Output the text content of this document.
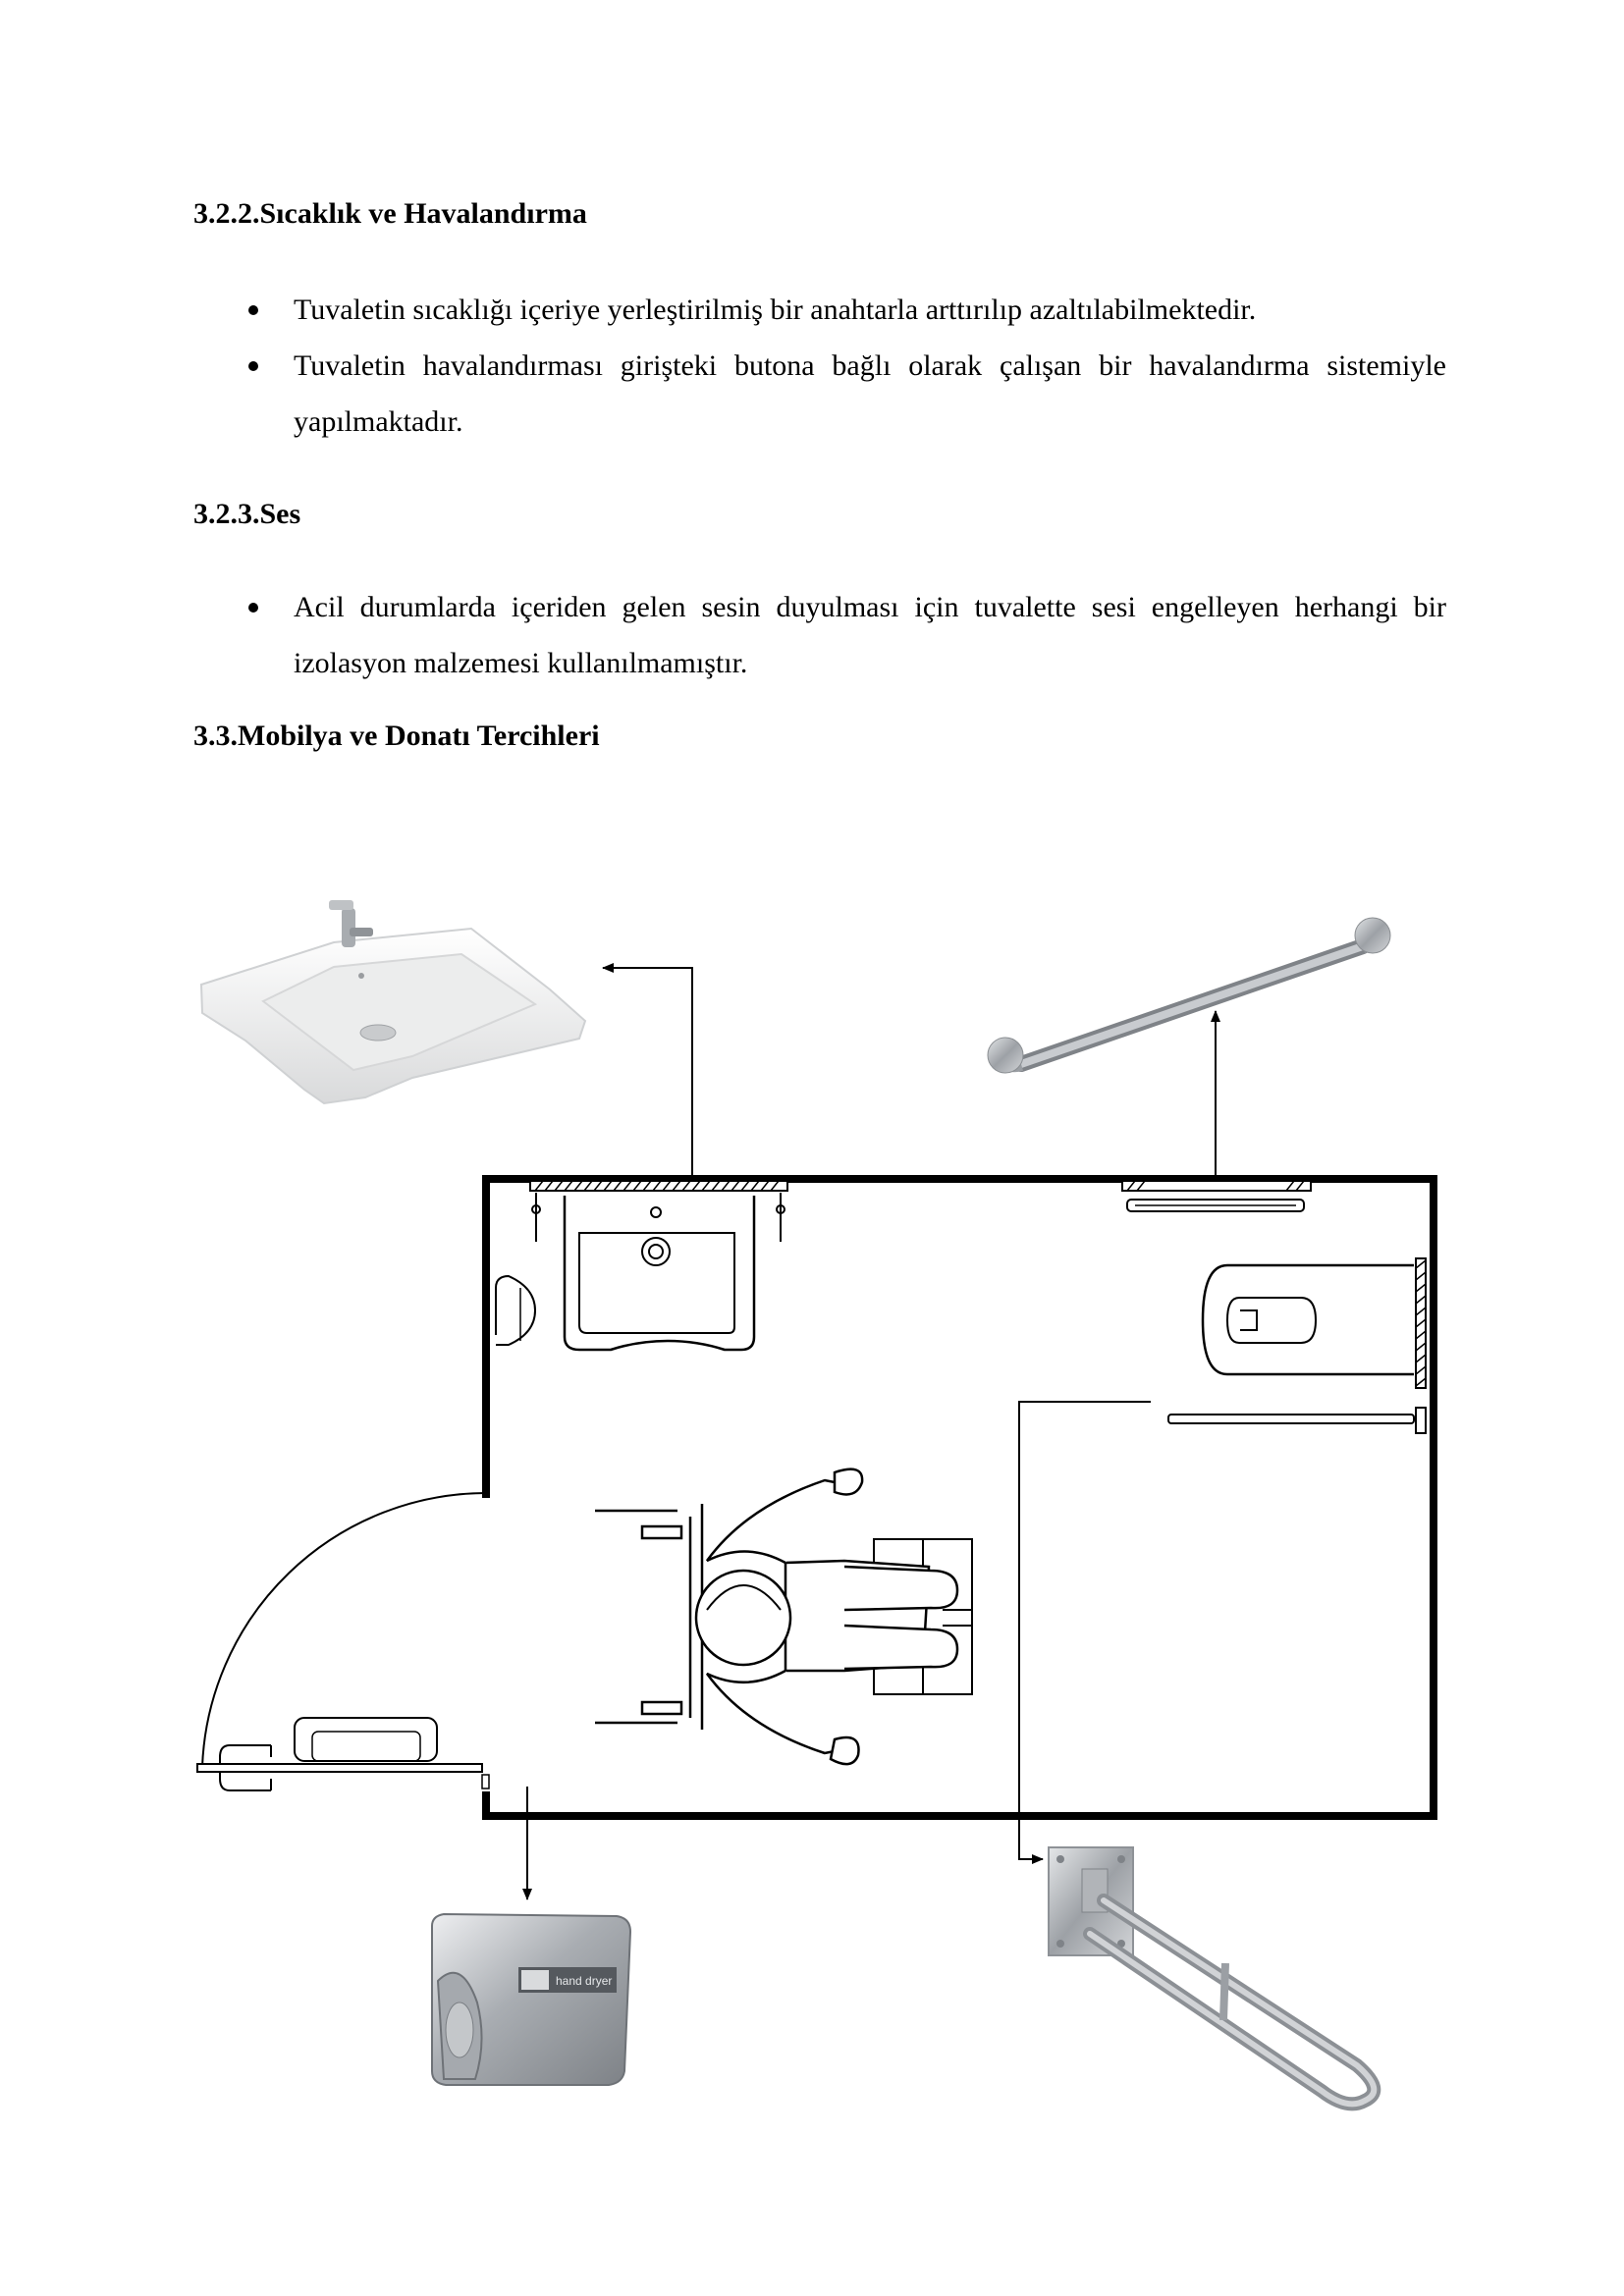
3.2.2.Sıcaklık ve Havalandırma
Tuvaletin sıcaklığı içeriye yerleştirilmiş bir anahtarla arttırılıp azaltılabilmektedir.
Tuvaletin havalandırması girişteki butona bağlı olarak çalışan bir havalandırma sistemiyle yapılmaktadır.
3.2.3.Ses
Acil durumlarda içeriden gelen sesin duyulması için tuvalette sesi engelleyen herhangi bir izolasyon malzemesi kullanılmamıştır.
3.3.Mobilya ve Donatı Tercihleri
hand dryer
